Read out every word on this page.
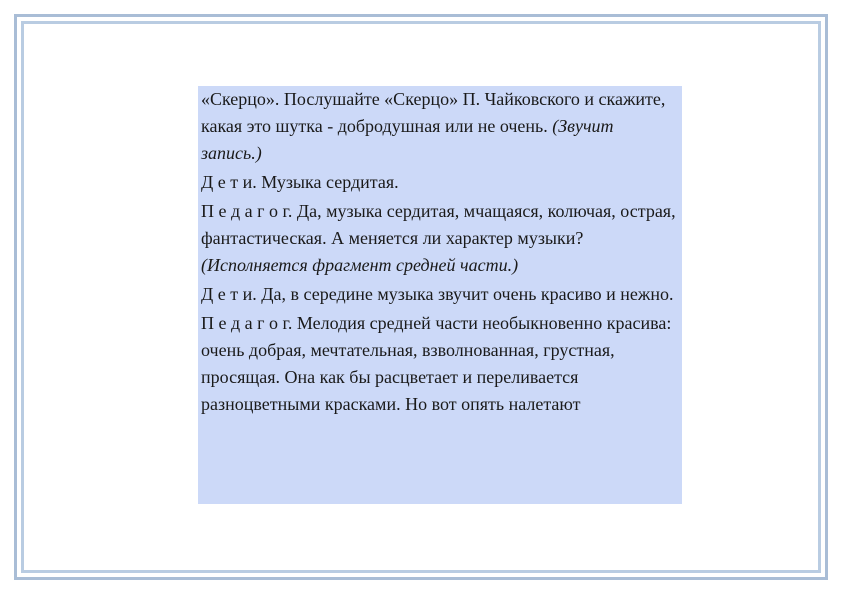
«Скерцо». Послушайте «Скерцо» П. Чайковского и скажите, какая это шутка - добродушная или не очень. (Звучит запись.)

Д е т и. Музыка сердитая.

П е д а г о г. Да, музыка сердитая, мчащаяся, колючая, острая, фантастическая. А меняется ли характер музыки? (Исполняется фрагмент средней части.)

Д е т и. Да, в середине музыка звучит очень красиво и нежно.

П е д а г о г. Мелодия средней части необыкновенно красива: очень добрая, мечтательная, взволнованная, грустная, просящая. Она как бы расцветает и переливается разноцветными красками. Но вот опять налетают
